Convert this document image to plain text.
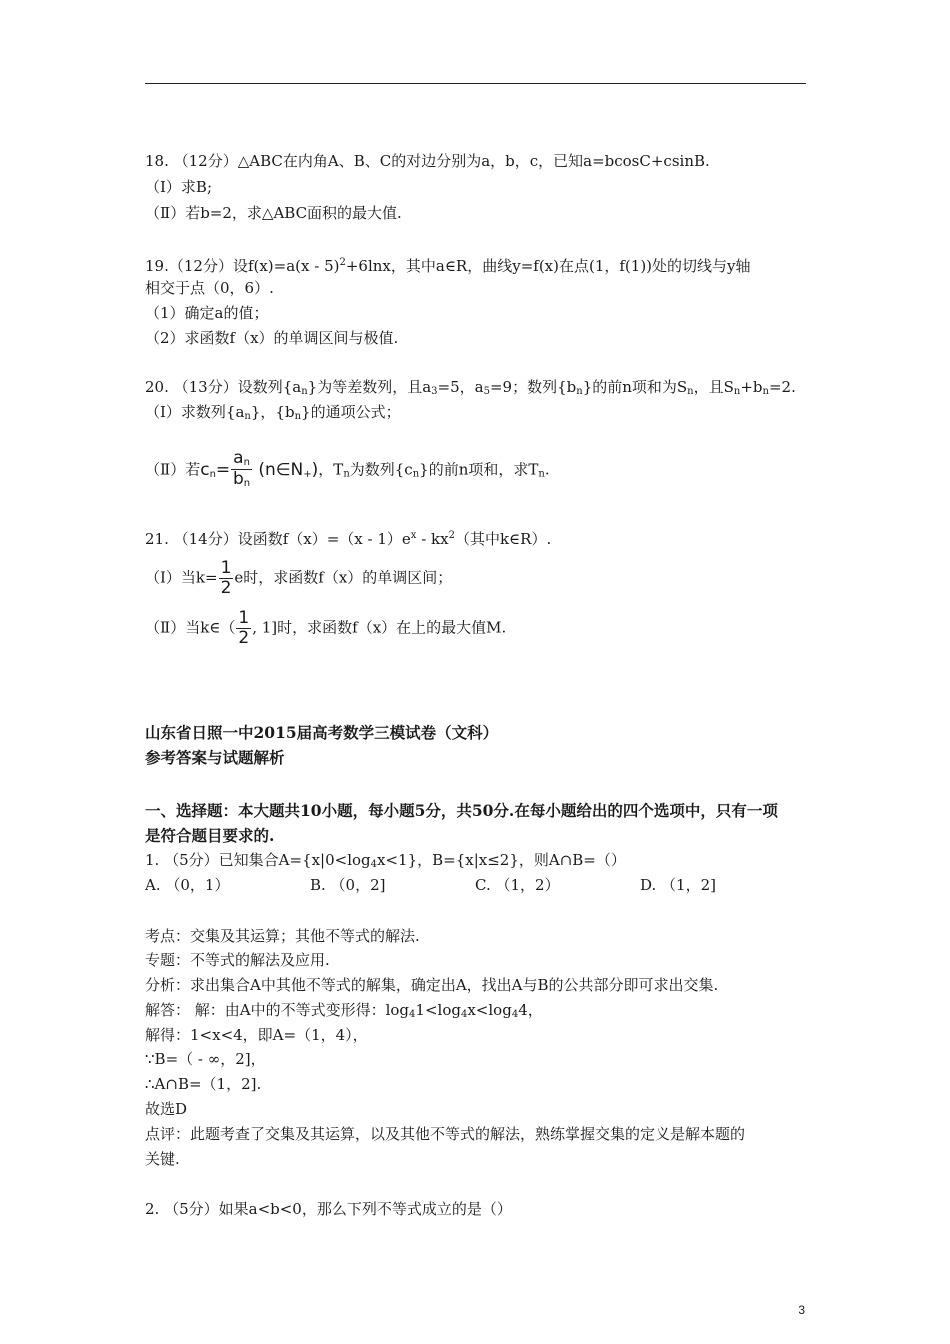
18. （12分）△ABC在内角A、B、C的对边分别为a，b，c，已知a=bcosC+csinB.
（Ⅰ）求B;
（Ⅱ）若b=2，求△ABC面积的最大值.
19.（12分）设f(x)=a(x - 5)$^2$+6lnx，其中a∈R，曲线y=f(x)在点(1，f(1))处的切线与y轴
相交于点（0，6）.
（1）确定a的值；
（2）求函数f（x）的单调区间与极值.
20. （13分）设数列$\{a_n\}$为等差数列，且$a_3=5$，$a_5=9$；数列$\{b_n\}$的前n项和为$S_n$，且$S_n+b_n=2$.
（Ⅰ）求数列$\{a_n\}$，$\{b_n\}$的通项公式；
（Ⅱ）若$c_n= \frac{a_n}{b_n}$ $(n\in N_+)$，$T_n$为数列$\{c_n\}$的前n项和，求$T_n$.
21. （14分）设函数$f(x)=(x - 1)e^x - kx^2$（其中k∈R）.
（Ⅰ）当$k= \frac{1}{2}$ e时，求函数f（x）的单调区间；
（Ⅱ）当k∈（ $\frac{1}{2}$ , 1]时，求函数f（x）在上的最大值M.
山东省日照一中2015届高考数学三模试卷（文科）
参考答案与试题解析
一、选择题：本大题共10小题，每小题5分，共50分.在每小题给出的四个选项中，只有一项
是符合题目要求的.
1. （5分）已知集合$A=\{x|0<\log_4x<1\}$，B={x|x≤2}，则A∩B=（）
A. （0，1）	B. （0，2]	C. （1，2）	D. （1，2]
考点：交集及其运算；其他不等式的解法.
专题：不等式的解法及应用.
分析：求出集合A中其他不等式的解集，确定出A，找出A与B的公共部分即可求出交集.
解答： 解：由A中的不等式变形得：$\log_41<\log_4x<\log_44$，
解得：1<x<4，即A=（1，4），
∵B=（ - ∞，2]，
∴A∩B=（1，2].
故选D
点评：此题考查了交集及其运算，以及其他不等式的解法，熟练掌握交集的定义是解本题的
关键.
2. （5分）如果a<b<0，那么下列不等式成立的是（）
3
